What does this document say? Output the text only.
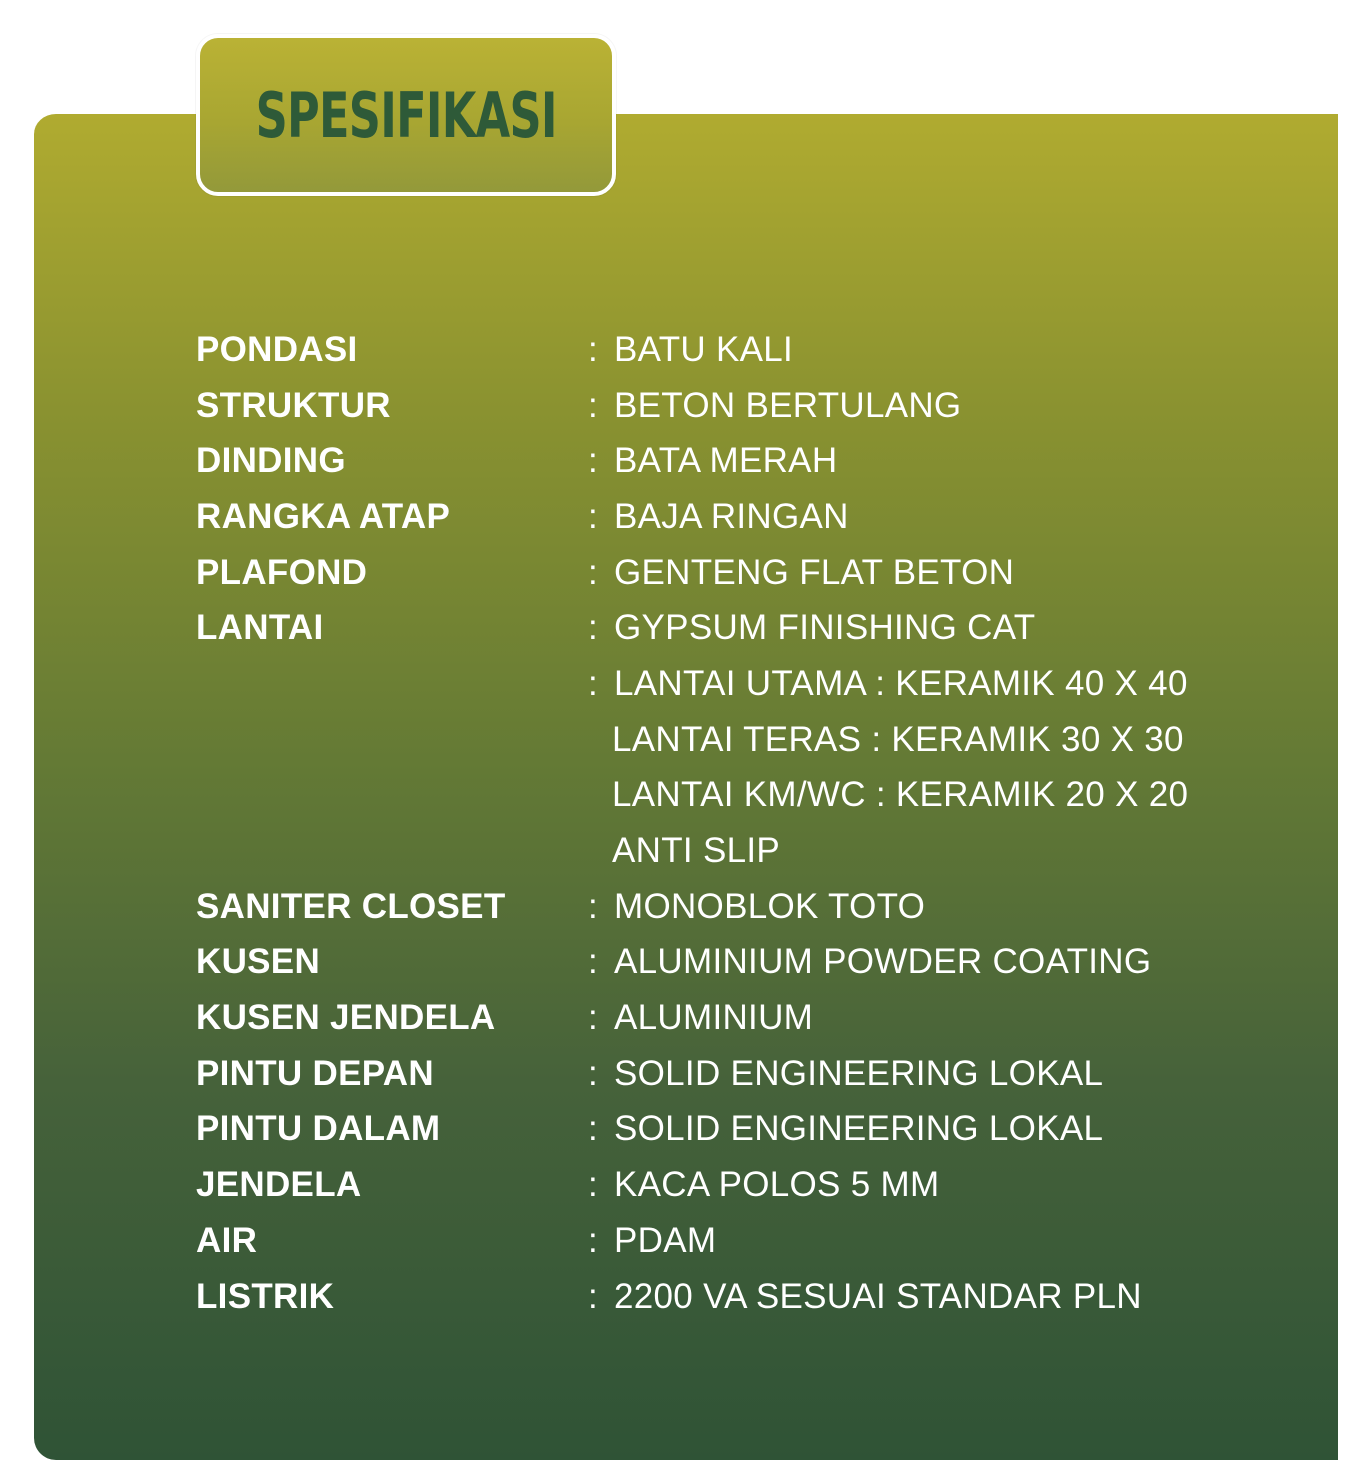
SPESIFIKASI
PONDASI	: BATU KALI
STRUKTUR	: BETON BERTULANG
DINDING	: BATA MERAH
RANGKA ATAP	: BAJA RINGAN
PLAFOND	: GENTENG FLAT BETON
LANTAI	: GYPSUM FINISHING CAT
: LANTAI UTAMA : KERAMIK 40 X 40
LANTAI TERAS : KERAMIK 30 X 30
LANTAI KM/WC : KERAMIK 20 X 20
ANTI SLIP
SANITER CLOSET	: MONOBLOK TOTO
KUSEN	: ALUMINIUM POWDER COATING
KUSEN JENDELA	: ALUMINIUM
PINTU DEPAN	: SOLID ENGINEERING LOKAL
PINTU DALAM	: SOLID ENGINEERING LOKAL
JENDELA	: KACA POLOS 5 MM
AIR	: PDAM
LISTRIK	: 2200 VA SESUAI STANDAR PLN
